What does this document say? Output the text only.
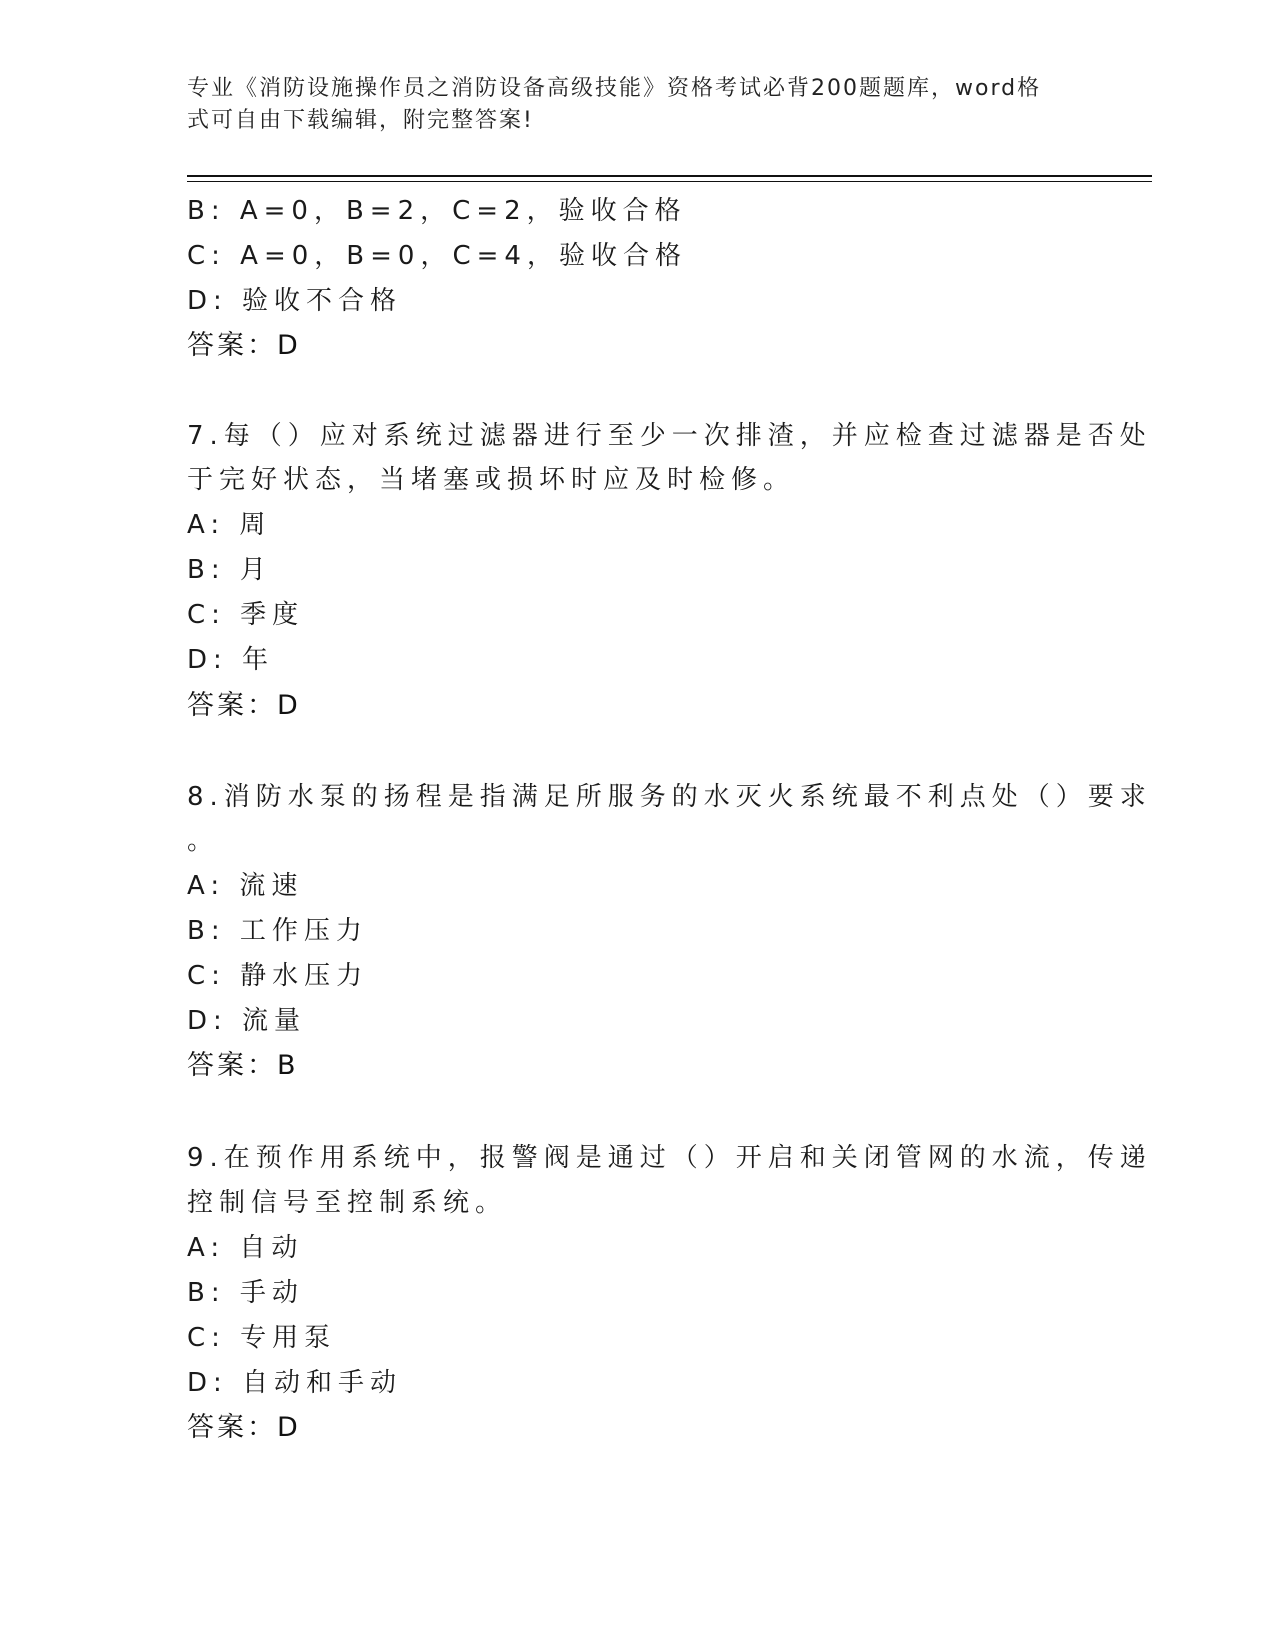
专业《消防设施操作员之消防设备高级技能》资格考试必背200题题库，word格
式可自由下载编辑，附完整答案!
B: A=0，B=2，C=2，验收合格
C: A=0，B=0，C=4，验收合格
D: 验收不合格
答案：D
7.每（）应对系统过滤器进行至少一次排渣，并应检查过滤器是否处
于完好状态，当堵塞或损坏时应及时检修。
A: 周
B: 月
C: 季度
D: 年
答案：D
8.消防水泵的扬程是指满足所服务的水灭火系统最不利点处（）要求
。
A: 流速
B: 工作压力
C: 静水压力
D: 流量
答案：B
9.在预作用系统中，报警阀是通过（）开启和关闭管网的水流，传递
控制信号至控制系统。
A: 自动
B: 手动
C: 专用泵
D: 自动和手动
答案：D
